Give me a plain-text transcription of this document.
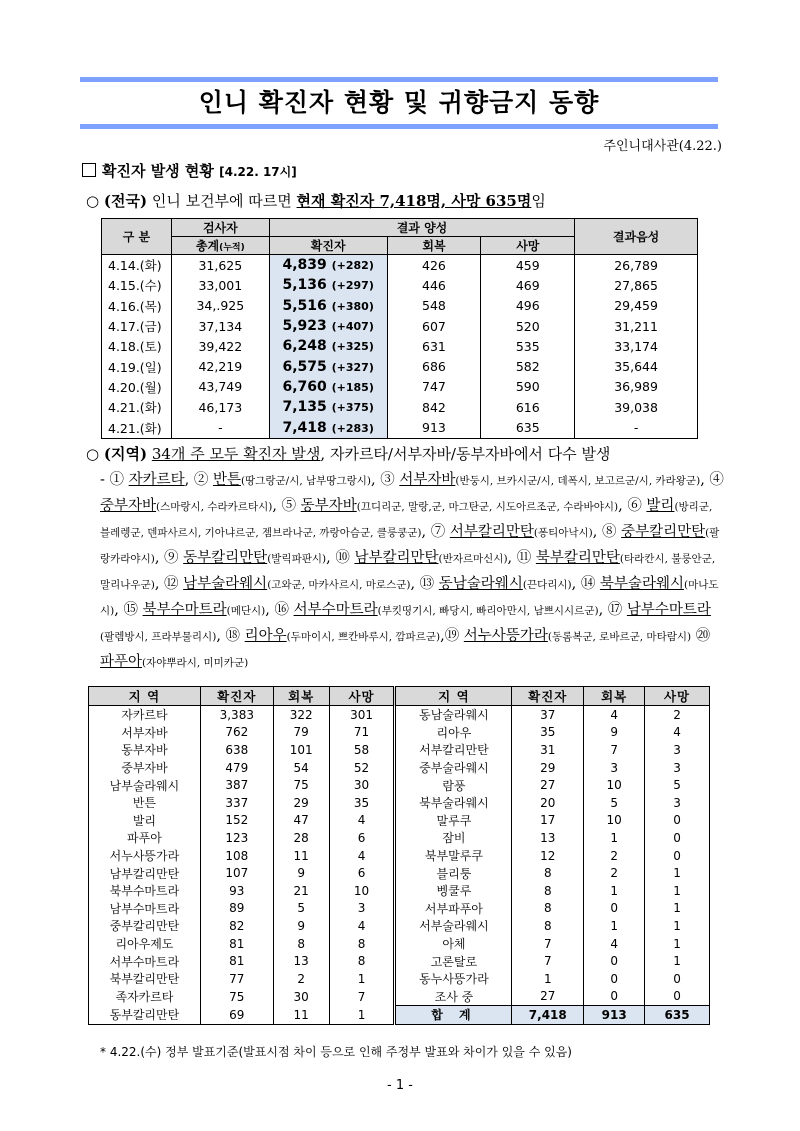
인니 확진자 현황 및 귀향금지 동향
주인니대사관(4.22.)
확진자 발생 현황 [4.22. 17시]
○ (전국) 인니 보건부에 따르면 현재 확진자 7,418명, 사망 635명임
구 분	검사자	결과 양성			결과음성
	총계(누적)	확진자	회복	사망	
4.14.(화)	31,625	4,839 (+282)	426	459	26,789
4.15.(수)	33,001	5,136 (+297)	446	469	27,865
4.16.(목)	34,.925	5,516 (+380)	548	496	29,459
4.17.(금)	37,134	5,923 (+407)	607	520	31,211
4.18.(토)	39,422	6,248 (+325)	631	535	33,174
4.19.(일)	42,219	6,575 (+327)	686	582	35,644
4.20.(월)	43,749	6,760 (+185)	747	590	36,989
4.21.(화)	46,173	7,135 (+375)	842	616	39,038
4.21.(화)	-	7,418 (+283)	913	635	-
○ (지역) 34개 주 모두 확진자 발생, 자카르타/서부자바/동부자바에서 다수 발생
- ① 자카르타, ② 반튼(땅그랑군/시, 남부땅그랑시), ③ 서부자바(반둥시, 브카시군/시, 데폭시, 보고르군/시, 카라왕군), ④ 중부자바(스마랑시, 수라카르타시), ⑤ 동부자바(끄디리군, 말랑,군, 마그탄군, 시도아르조군, 수라바야시), ⑥ 발리(방리군, 블레렝군, 덴파사르시, 기아냐르군, 젬브라나군, 까랑아슴군, 클룽쿵군), ⑦ 서부칼리만탄(퐁티아낙시), ⑧ 중부칼리만탄(팔랑카라야시), ⑨ 동부칼리만탄(발릭파판시), ⑩ 남부칼리만탄(반자르마신시), ⑪ 북부칼리만탄(타라칸시, 불룽안군, 말리나우군), ⑫ 남부술라웨시(고와군, 마카사르시, 마로스군), ⑬ 동남술라웨시(끈다리시), ⑭ 북부술라웨시(마나도시), ⑮ 북부수마트라(메단시), ⑯ 서부수마트라(부킷띵기시, 빠당시, 빠리아만시, 남쁘시시르군), ⑰ 남부수마트라(팔렘방시, 프라부물리시), ⑱ 리아우(두마이시, 쁘칸바루시, 깜파르군),⑲ 서누사뜽가라(동롬복군, 로바르군, 마타람시) ⑳ 파푸아(자야뿌라시, 미미카군)
지 역	확진자	회복	사망	지 역	확진자	회복	사망
자카르타	3,383	322	301	동남술라웨시	37	4	2
서부자바	762	79	71	리아우	35	9	4
동부자바	638	101	58	서부칼리만탄	31	7	3
중부자바	479	54	52	중부술라웨시	29	3	3
남부술라웨시	387	75	30	람풍	27	10	5
반튼	337	29	35	북부술라웨시	20	5	3
발리	152	47	4	말루쿠	17	10	0
파푸아	123	28	6	잠비	13	1	0
서누사뜽가라	108	11	4	북부말루쿠	12	2	0
남부칼리만탄	107	9	6	블리퉁	8	2	1
북부수마트라	93	21	10	벵쿨루	8	1	1
남부수마트라	89	5	3	서부파푸아	8	0	1
중부칼리만탄	82	9	4	서부술라웨시	8	1	1
리아우제도	81	8	8	아체	7	4	1
서부수마트라	81	13	8	고론탈로	7	0	1
북부칼리만탄	77	2	1	동누사뜽가라	1	0	0
족자카르타	75	30	7	조사 중	27	0	0
동부칼리만탄	69	11	1	합 계	7,418	913	635
* 4.22.(수) 정부 발표기준(발표시점 차이 등으로 인해 주정부 발표와 차이가 있을 수 있음)
- 1 -
